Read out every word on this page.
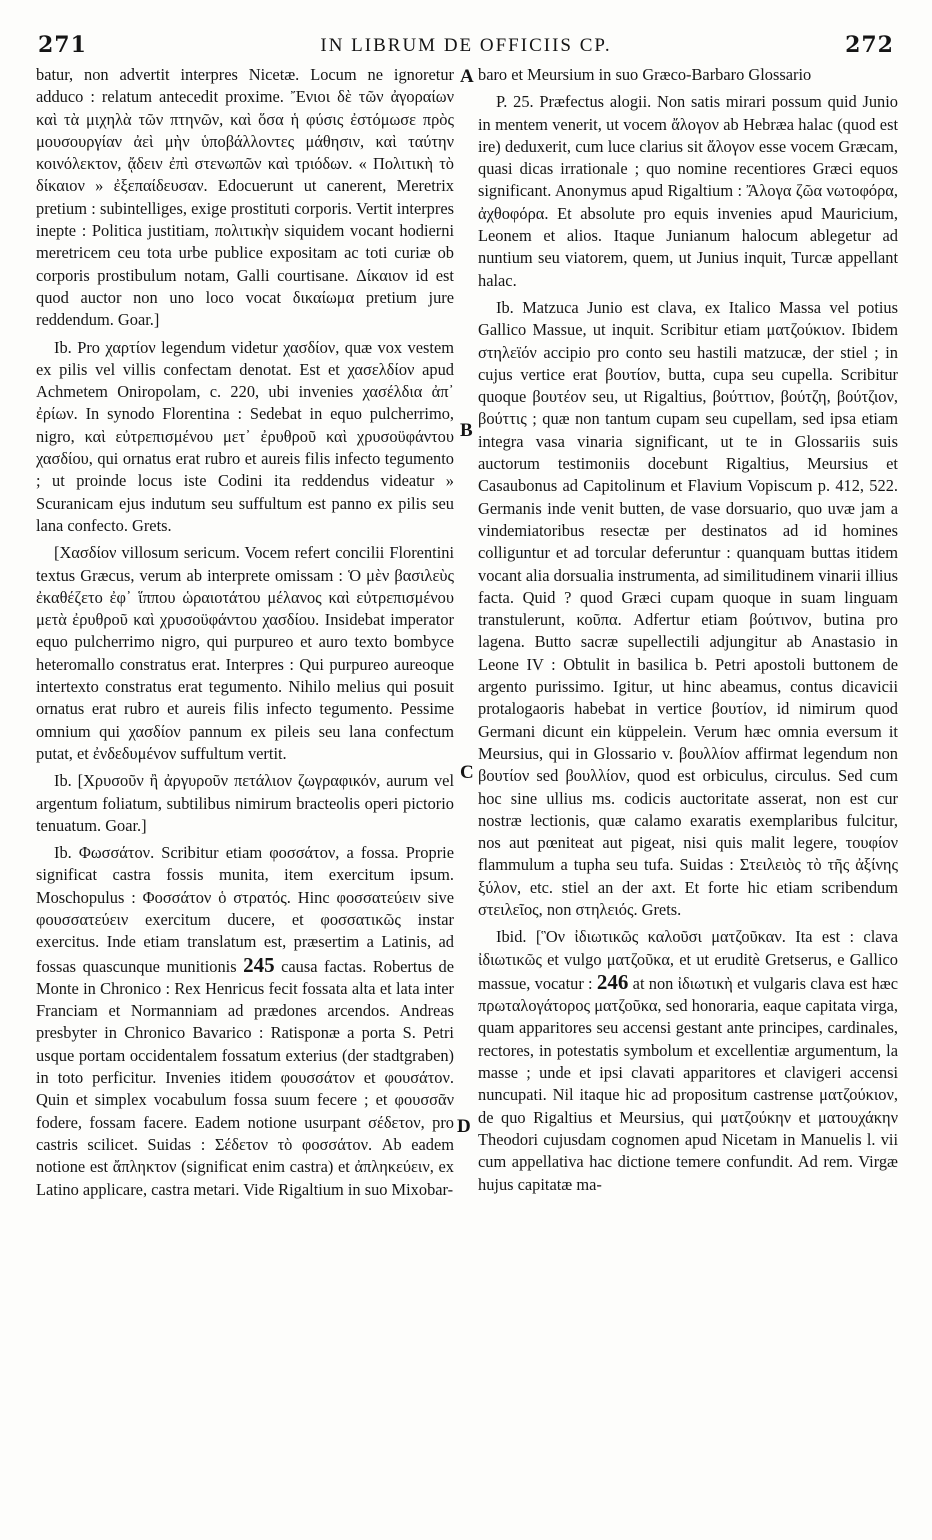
271	IN LIBRUM DE OFFICIIS CP.	272

batur, non advertit interpres Nicetæ. Locum ne ignoretur adduco : relatum antecedit proxime. Ἔνιοι δὲ τῶν ἀγοραίων καὶ τὰ μιχηλὰ τῶν πτηνῶν, καὶ ὅσα ἡ φύσις ἐστόμωσε πρὸς μουσουργίαν ἀεὶ μὴν ὑποβάλλοντες μάθησιν, καὶ ταύτην κοινόλεκτον, ᾄδειν ἐπὶ στενωπῶν καὶ τριόδων. « Πολιτικὴ τὸ δίκαιον » ἐξεπαίδευσαν. Edocuerunt ut canerent, Meretrix pretium : subintelliges, exige prostituti corporis. Vertit interpres inepte : Politica justitiam, πολιτικὴν siquidem vocant hodierni meretricem ceu tota urbe publice expositam ac toti curiæ ob corporis prostibulum notam, Galli courtisane. Δίκαιον id est quod auctor non uno loco vocat δικαίωμα pretium jure reddendum. Goar.]

Ib. Pro χαρτίον legendum videtur χασδίον, quæ vox vestem ex pilis vel villis confectam denotat. Est et χασελδίον apud Achmetem Oniropolam, c. 220, ubi invenies χασέλδια ἀπ᾽ ἐρίων. In synodo Florentina : Sedebat in equo pulcherrimo, nigro, καὶ εὐτρεπισμένου μετ᾽ ἐρυθροῦ καὶ χρυσοϋφάντου χασδίου, qui ornatus erat rubro et aureis filis infecto tegumento ; ut proinde locus iste Codini ita reddendus videatur » Scuranicam ejus indutum seu suffultum est panno ex pilis seu lana confecto. Grets.

[Χασδίον villosum sericum. Vocem refert concilii Florentini textus Græcus, verum ab interprete omissam : Ὁ μὲν βασιλεὺς ἐκαθέζετο ἐφ᾽ ἵππου ὡραιοτάτου μέλανος καὶ εὐτρεπισμένου μετὰ ἐρυθροῦ καὶ χρυσοϋφάντου χασδίου. Insidebat imperator equo pulcherrimo nigro, qui purpureo et auro texto bombyce heteromallo constratus erat. Interpres : Qui purpureo aureoque intertexto constratus erat tegumento. Nihilo melius qui posuit ornatus erat rubro et aureis filis infecto tegumento. Pessime omnium qui χασδίον pannum ex pileis seu lana confectum putat, et ἐνδεδυμένον suffultum vertit.

Ib. [Χρυσοῦν ἢ ἀργυροῦν πετάλιον ζωγραφικόν, aurum vel argentum foliatum, subtilibus nimirum bracteolis operi pictorio tenuatum. Goar.]

Ib. Φωσσάτον. Scribitur etiam φοσσάτον, a fossa. Proprie significat castra fossis munita, item exercitum ipsum. Moschopulus : Φοσσάτον ὁ στρατός. Hinc φοσσατεύειν sive φουσσατεύειν exercitum ducere, et φοσσατικῶς instar exercitus. Inde etiam translatum est, præsertim a Latinis, ad fossas quascunque munitionis 245 causa factas. Robertus de Monte in Chronico : Rex Henricus fecit fossata alta et lata inter Franciam et Normanniam ad prædones arcendos. Andreas presbyter in Chronico Bavarico : Ratisponæ a porta S. Petri usque portam occidentalem fossatum exterius (der stadtgraben) in toto perficitur. Invenies itidem φουσσάτον et φουσάτον. Quin et simplex vocabulum fossa suum fecere ; et φουσσᾶν fodere, fossam facere. Eadem notione usurpant σέδετον, pro castris scilicet. Suidas : Σέδετον τὸ φοσσάτον. Ab eadem notione est ἄπληκτον (significat enim castra) et ἀπληκεύειν, ex Latino applicare, castra metari. Vide Rigaltium in suo Mixobar-

baro et Meursium in suo Græco-Barbaro Glossario

P. 25. Præfectus alogii. Non satis mirari possum quid Junio in mentem venerit, ut vocem ἄλογον ab Hebræa halac (quod est ire) deduxerit, cum luce clarius sit ἄλογον esse vocem Græcam, quasi dicas irrationale ; quo nomine recentiores Græci equos significant. Anonymus apud Rigaltium : Ἄλογα ζῶα νωτοφόρα, ἀχθοφόρα. Et absolute pro equis invenies apud Mauricium, Leonem et alios. Itaque Junianum halocum ablegetur ad nuntium seu viatorem, quem, ut Junius inquit, Turcæ appellant halac.

Ib. Matzuca Junio est clava, ex Italico Massa vel potius Gallico Massue, ut inquit. Scribitur etiam ματζούκιον. Ibidem στηλεϊόν accipio pro conto seu hastili matzucæ, der stiel ; in cujus vertice erat βουτίον, butta, cupa seu cupella. Scribitur quoque βουτέον seu, ut Rigaltius, βούττιον, βούτζη, βούτζιον, βούττις ; quæ non tantum cupam seu cupellam, sed ipsa etiam integra vasa vinaria significant, ut te in Glossariis suis auctorum testimoniis docebunt Rigaltius, Meursius et Casaubonus ad Capitolinum et Flavium Vopiscum p. 412, 522. Germanis inde venit butten, de vase dorsuario, quo uvæ jam a vindemiatoribus resectæ per destinatos ad id homines colliguntur et ad torcular deferuntur : quanquam buttas itidem vocant alia dorsualia instrumenta, ad similitudinem vinarii illius facta. Quid ? quod Græci cupam quoque in suam linguam transtulerunt, κοῦπα. Adfertur etiam βούτινον, butina pro lagena. Butto sacræ supellectili adjungitur ab Anastasio in Leone IV : Obtulit in basilica b. Petri apostoli buttonem de argento purissimo. Igitur, ut hinc abeamus, contus dicavicii protalogaoris habebat in vertice βουτίον, id nimirum quod Germani dicunt ein küppelein. Verum hæc omnia eversum it Meursius, qui in Glossario v. βουλλίον affirmat legendum non βουτίον sed βουλλίον, quod est orbiculus, circulus. Sed cum hoc sine ullius ms. codicis auctoritate asserat, non est cur nostræ lectionis, quæ calamo exaratis exemplaribus fulcitur, nos aut pœniteat aut pigeat, nisi quis malit legere, τουφίον flammulum a tupha seu tufa. Suidas : Στειλειὸς τὸ τῆς ἀξίνης ξύλον, etc. stiel an der axt. Et forte hic etiam scribendum στειλεῖος, non στηλειός. Grets.

Ibid. [Ὃν ἰδιωτικῶς καλοῦσι ματζοῦκαν. Ita est : clava ἰδιωτικῶς et vulgo ματζοῦκα, et ut eruditè Gretserus, e Gallico massue, vocatur : 246 at non ἰδιωτικὴ et vulgaris clava est hæc πρωταλογάτορος ματζοῦκα, sed honoraria, eaque capitata virga, quam apparitores seu accensi gestant ante principes, cardinales, rectores, in potestatis symbolum et excellentiæ argumentum, la masse ; unde et ipsi clavati apparitores et clavigeri accensi nuncupati. Nil itaque hic ad propositum castrense ματζούκιον, de quo Rigaltius et Meursius, qui ματζούκην et ματουχάκην Theodori cujusdam cognomen apud Nicetam in Manuelis l. vii cum appellativa hac dictione temere confundit. Ad rem. Virgæ hujus capitatæ ma-

A
B
C
D
